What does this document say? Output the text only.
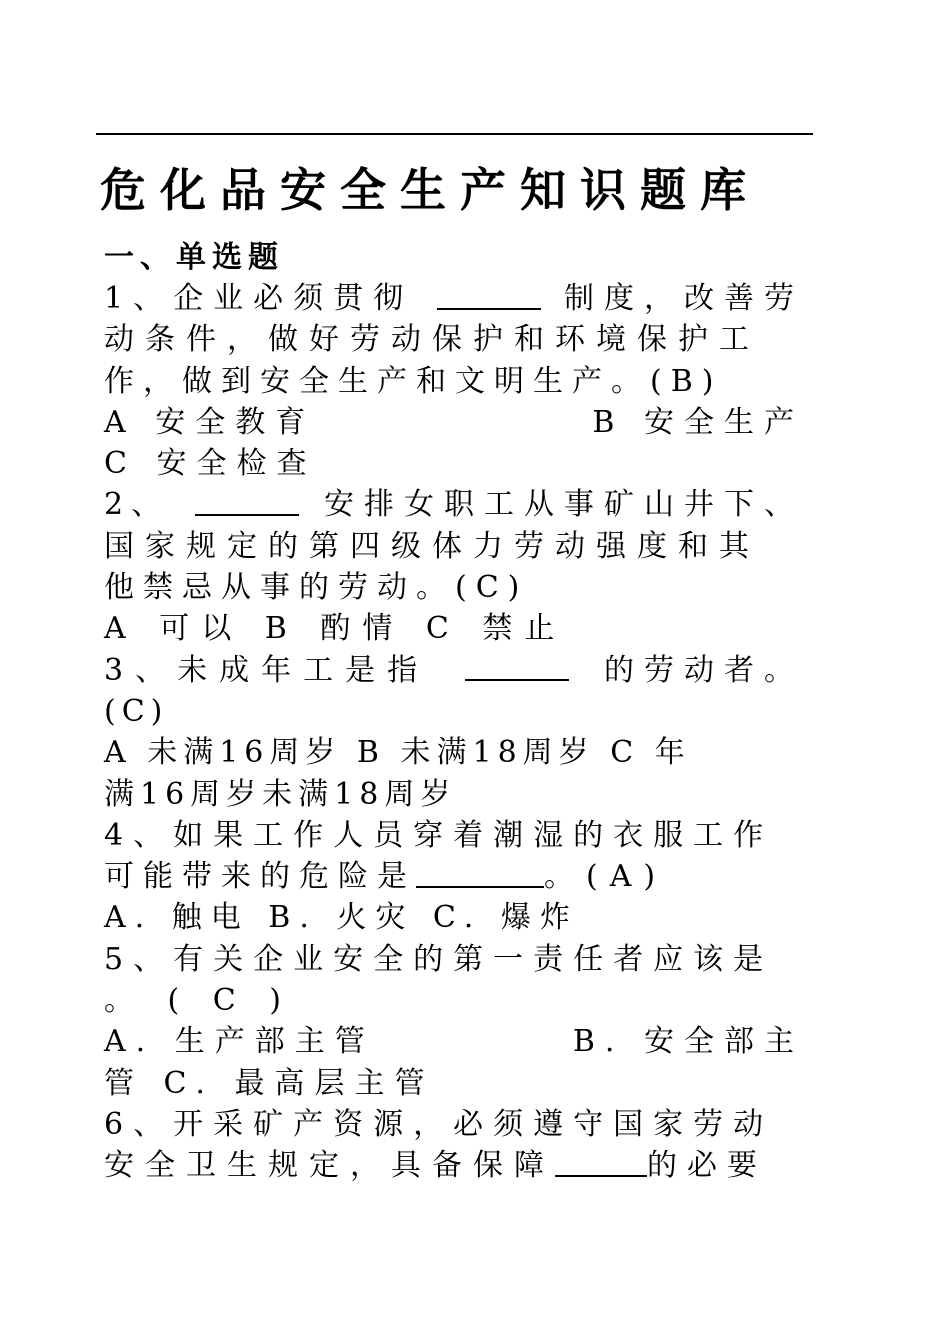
危化品安全生产知识题库
一、单选题
1、企业必须贯彻	制度，改善劳
动条件，做好劳动保护和环境保护工
作，做到安全生产和文明生产。(B)
A 安全教育	B 安全生产
C 安全检查
2、	安排女职工从事矿山井下、
国家规定的第四级体力劳动强度和其
他禁忌从事的劳动。(C)
A 可以 B 酌情 C 禁止
3、未成年工是指	的劳动者。
(C)
A 未满16周岁 B 未满18周岁 C 年
满16周岁未满18周岁
4、如果工作人员穿着潮湿的衣服工作
可能带来的危险是	。(A)
A. 触电 B. 火灾 C. 爆炸
5、有关企业安全的第一责任者应该是
。 ( C )
A. 生产部主管	B. 安全部主
管 C. 最高层主管
6、开采矿产资源，必须遵守国家劳动
安全卫生规定，具备保障	的必要
